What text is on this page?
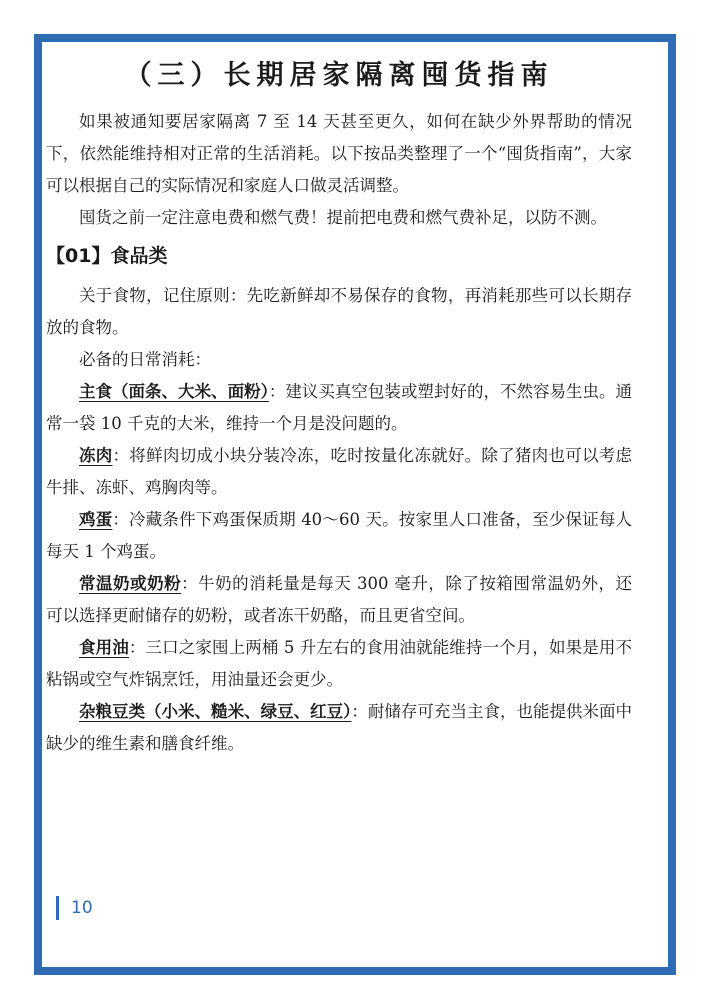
（三）长期居家隔离囤货指南

如果被通知要居家隔离 7 至 14 天甚至更久，如何在缺少外界帮助的情况下，依然能维持相对正常的生活消耗。以下按品类整理了一个“囤货指南”，大家可以根据自己的实际情况和家庭人口做灵活调整。

囤货之前一定注意电费和燃气费！提前把电费和燃气费补足，以防不测。

【01】食品类

关于食物，记住原则：先吃新鲜却不易保存的食物，再消耗那些可以长期存放的食物。

必备的日常消耗：

主食（面条、大米、面粉）：建议买真空包装或塑封好的，不然容易生虫。通常一袋 10 千克的大米，维持一个月是没问题的。

冻肉：将鲜肉切成小块分装冷冻，吃时按量化冻就好。除了猪肉也可以考虑牛排、冻虾、鸡胸肉等。

鸡蛋：冷藏条件下鸡蛋保质期 40～60 天。按家里人口准备，至少保证每人每天 1 个鸡蛋。

常温奶或奶粉：牛奶的消耗量是每天 300 毫升，除了按箱囤常温奶外，还可以选择更耐储存的奶粉，或者冻干奶酪，而且更省空间。

食用油：三口之家囤上两桶 5 升左右的食用油就能维持一个月，如果是用不粘锅或空气炸锅烹饪，用油量还会更少。

杂粮豆类（小米、糙米、绿豆、红豆）：耐储存可充当主食，也能提供米面中缺少的维生素和膳食纤维。

10
